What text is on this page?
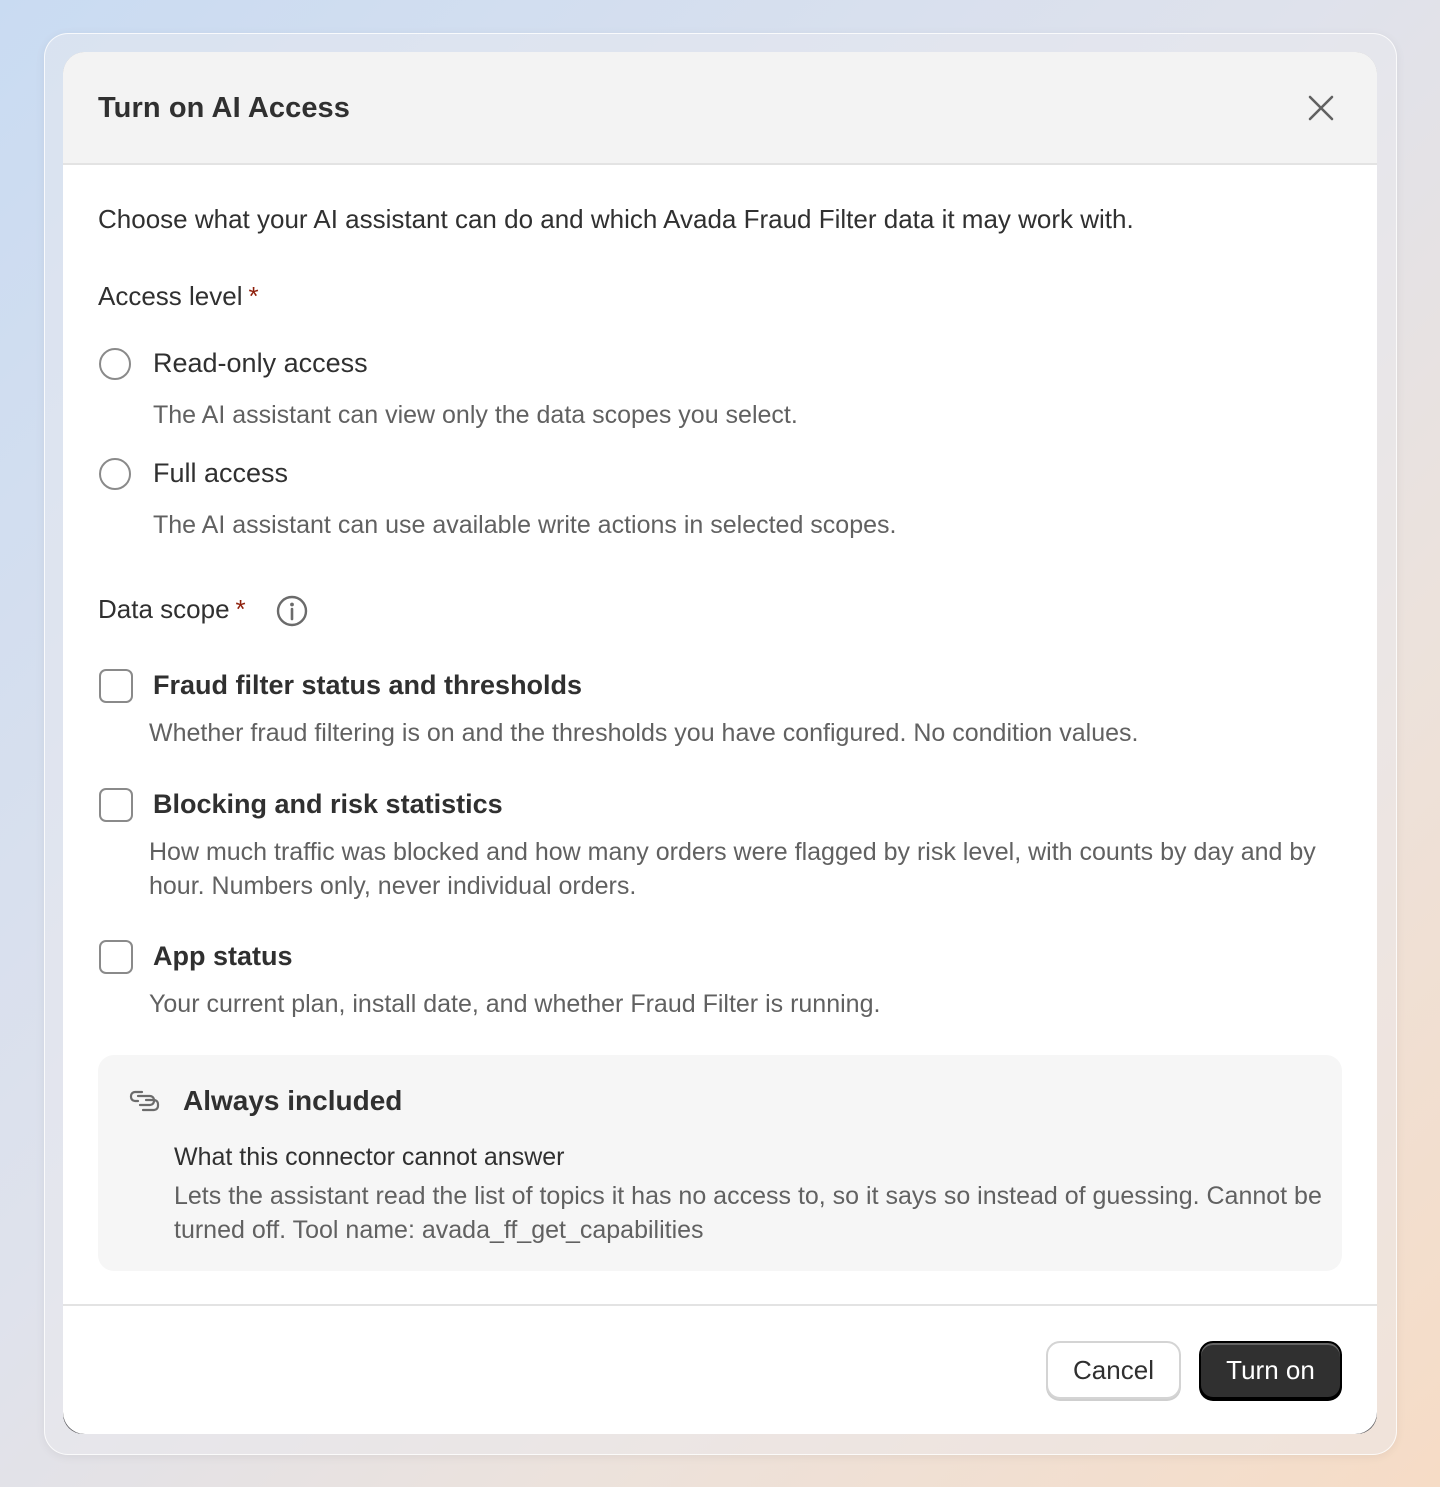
Turn on AI Access
Choose what your AI assistant can do and which Avada Fraud Filter data it may work with.
Access level *
Read-only access
The AI assistant can view only the data scopes you select.
Full access
The AI assistant can use available write actions in selected scopes.
Data scope *
Fraud filter status and thresholds
Whether fraud filtering is on and the thresholds you have configured. No condition values.
Blocking and risk statistics
How much traffic was blocked and how many orders were flagged by risk level, with counts by day and by hour. Numbers only, never individual orders.
App status
Your current plan, install date, and whether Fraud Filter is running.
Always included
What this connector cannot answer
Lets the assistant read the list of topics it has no access to, so it says so instead of guessing. Cannot be turned off. Tool name: avada_ff_get_capabilities
Cancel	Turn on
